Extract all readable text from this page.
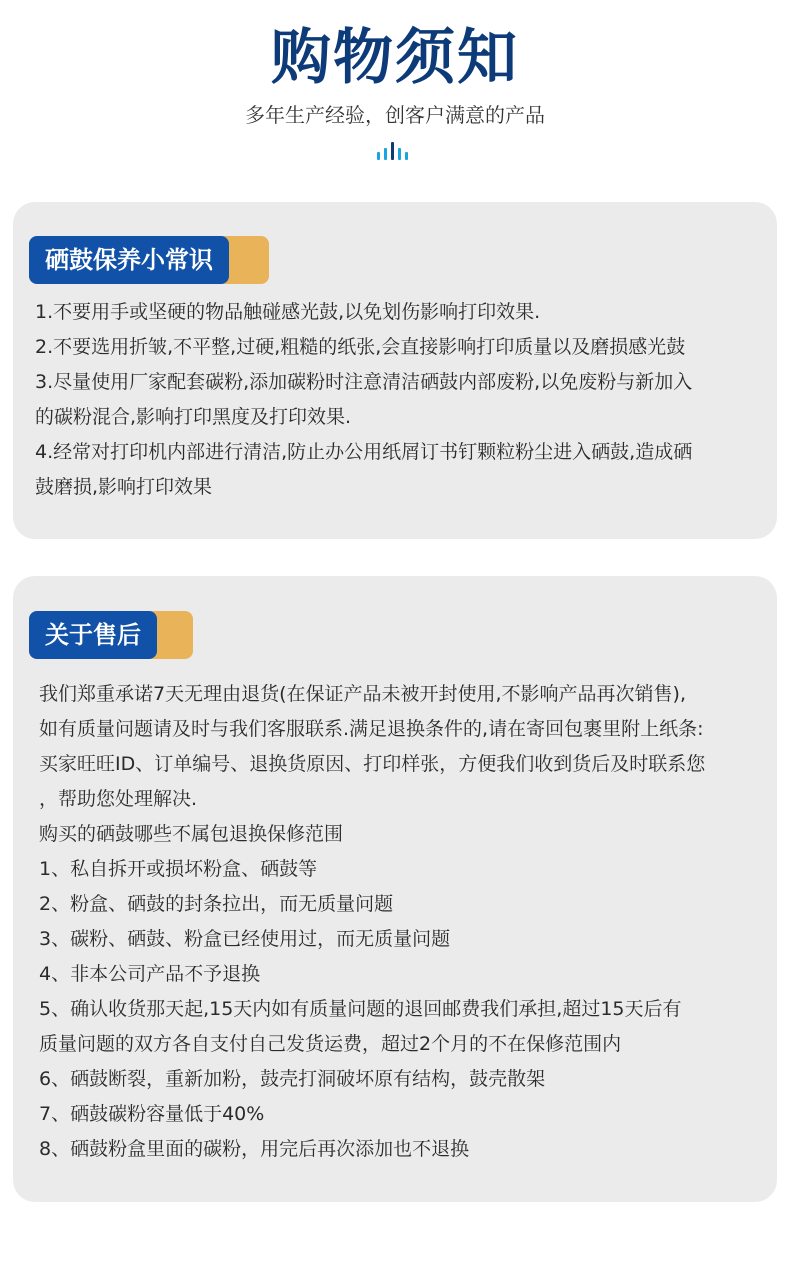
购物须知
多年生产经验，创客户满意的产品
硒鼓保养小常识
1.不要用手或坚硬的物品触碰感光鼓,以免划伤影响打印效果.
2.不要选用折皱,不平整,过硬,粗糙的纸张,会直接影响打印质量以及磨损感光鼓
3.尽量使用厂家配套碳粉,添加碳粉时注意清洁硒鼓内部废粉,以免废粉与新加入
的碳粉混合,影响打印黑度及打印效果.
4.经常对打印机内部进行清洁,防止办公用纸屑订书钉颗粒粉尘进入硒鼓,造成硒
鼓磨损,影响打印效果
关于售后
我们郑重承诺7天无理由退货(在保证产品未被开封使用,不影响产品再次销售),
如有质量问题请及时与我们客服联系.满足退换条件的,请在寄回包裹里附上纸条:
买家旺旺ID、订单编号、退换货原因、打印样张，方便我们收到货后及时联系您
，帮助您处理解决.
购买的硒鼓哪些不属包退换保修范围
1、私自拆开或损坏粉盒、硒鼓等
2、粉盒、硒鼓的封条拉出，而无质量问题
3、碳粉、硒鼓、粉盒已经使用过，而无质量问题
4、非本公司产品不予退换
5、确认收货那天起,15天内如有质量问题的退回邮费我们承担,超过15天后有
质量问题的双方各自支付自己发货运费，超过2个月的不在保修范围内
6、硒鼓断裂，重新加粉，鼓壳打洞破坏原有结构，鼓壳散架
7、硒鼓碳粉容量低于40%
8、硒鼓粉盒里面的碳粉，用完后再次添加也不退换
